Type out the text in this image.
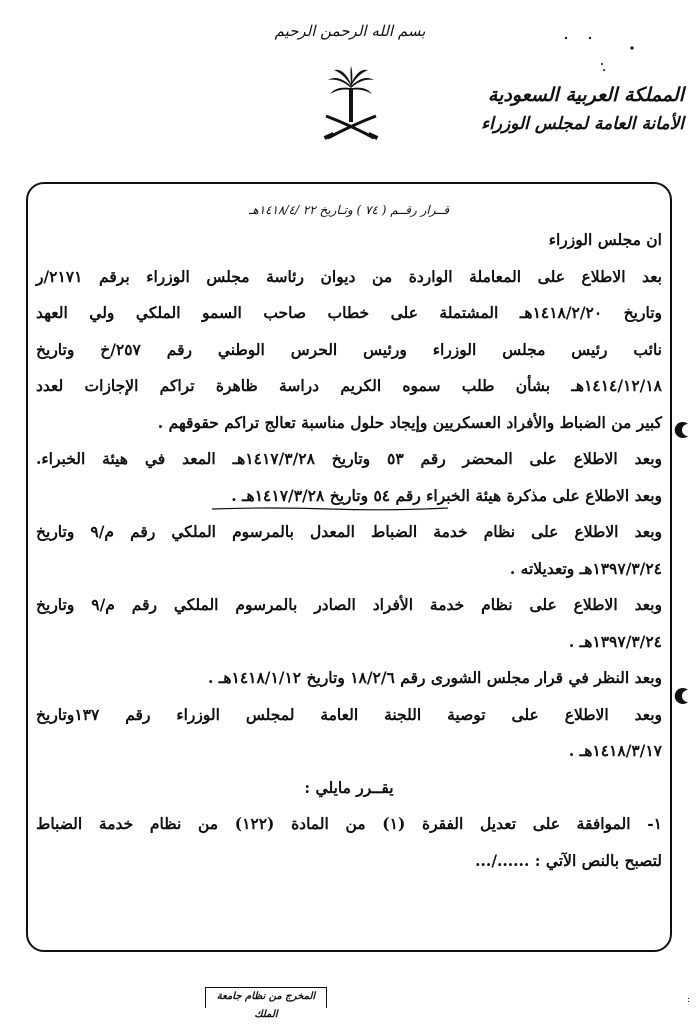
بسم الله الرحمن الرحيم
المملكة العربية السعودية
الأمانة العامة لمجلس الوزراء
قــرار رقــم ( ٧٤ ) وتـاريخ ٢٢ /١٤١٨/٤هـ
ان مجلس الوزراء
بعد الاطلاع على المعاملة الواردة من ديوان رئاسة مجلس الوزراء برقم ٢١٧١/ر
وتاريخ ١٤١٨/٢/٢٠هـ المشتملة على خطاب صاحب السمو الملكي ولي العهد
نائب رئيس مجلس الوزراء ورئيس الحرس الوطني رقم ٢٥٧/خ وتاريخ
١٤١٤/١٢/١٨هـ بشأن طلب سموه الكريم دراسة ظاهرة تراكم الإجازات لعدد
كبير من الضباط والأفراد العسكريين وإيجاد حلول مناسبة تعالج تراكم حقوقهم .
وبعد الاطلاع على المحضر رقم ٥٣ وتاريخ ١٤١٧/٣/٢٨هـ المعد في هيئة الخبراء.
وبعد الاطلاع على مذكرة هيئة الخبراء رقم ٥٤ وتاريخ ١٤١٧/٣/٢٨هـ .
وبعد الاطلاع على نظام خدمة الضباط المعدل بالمرسوم الملكي رقم م/٩ وتاريخ
١٣٩٧/٣/٢٤هـ وتعديلاته .
وبعد الاطلاع على نظام خدمة الأفراد الصادر بالمرسوم الملكي رقم م/٩ وتاريخ
١٣٩٧/٣/٢٤هـ .
وبعد النظر في قرار مجلس الشورى رقم ١٨/٢/٦ وتاريخ ١٤١٨/١/١٢هـ .
وبعد الاطلاع على توصية اللجنة العامة لمجلس الوزراء رقم ١٣٧وتاريخ
١٤١٨/٣/١٧هـ .
يقــرر مايلي :
١- الموافقة على تعديل الفقرة (١) من المادة (١٢٢) من نظام خدمة الضباط
لتصبح بالنص الآتي : ....../...
المخرج من نظام جامعة الملك
:
